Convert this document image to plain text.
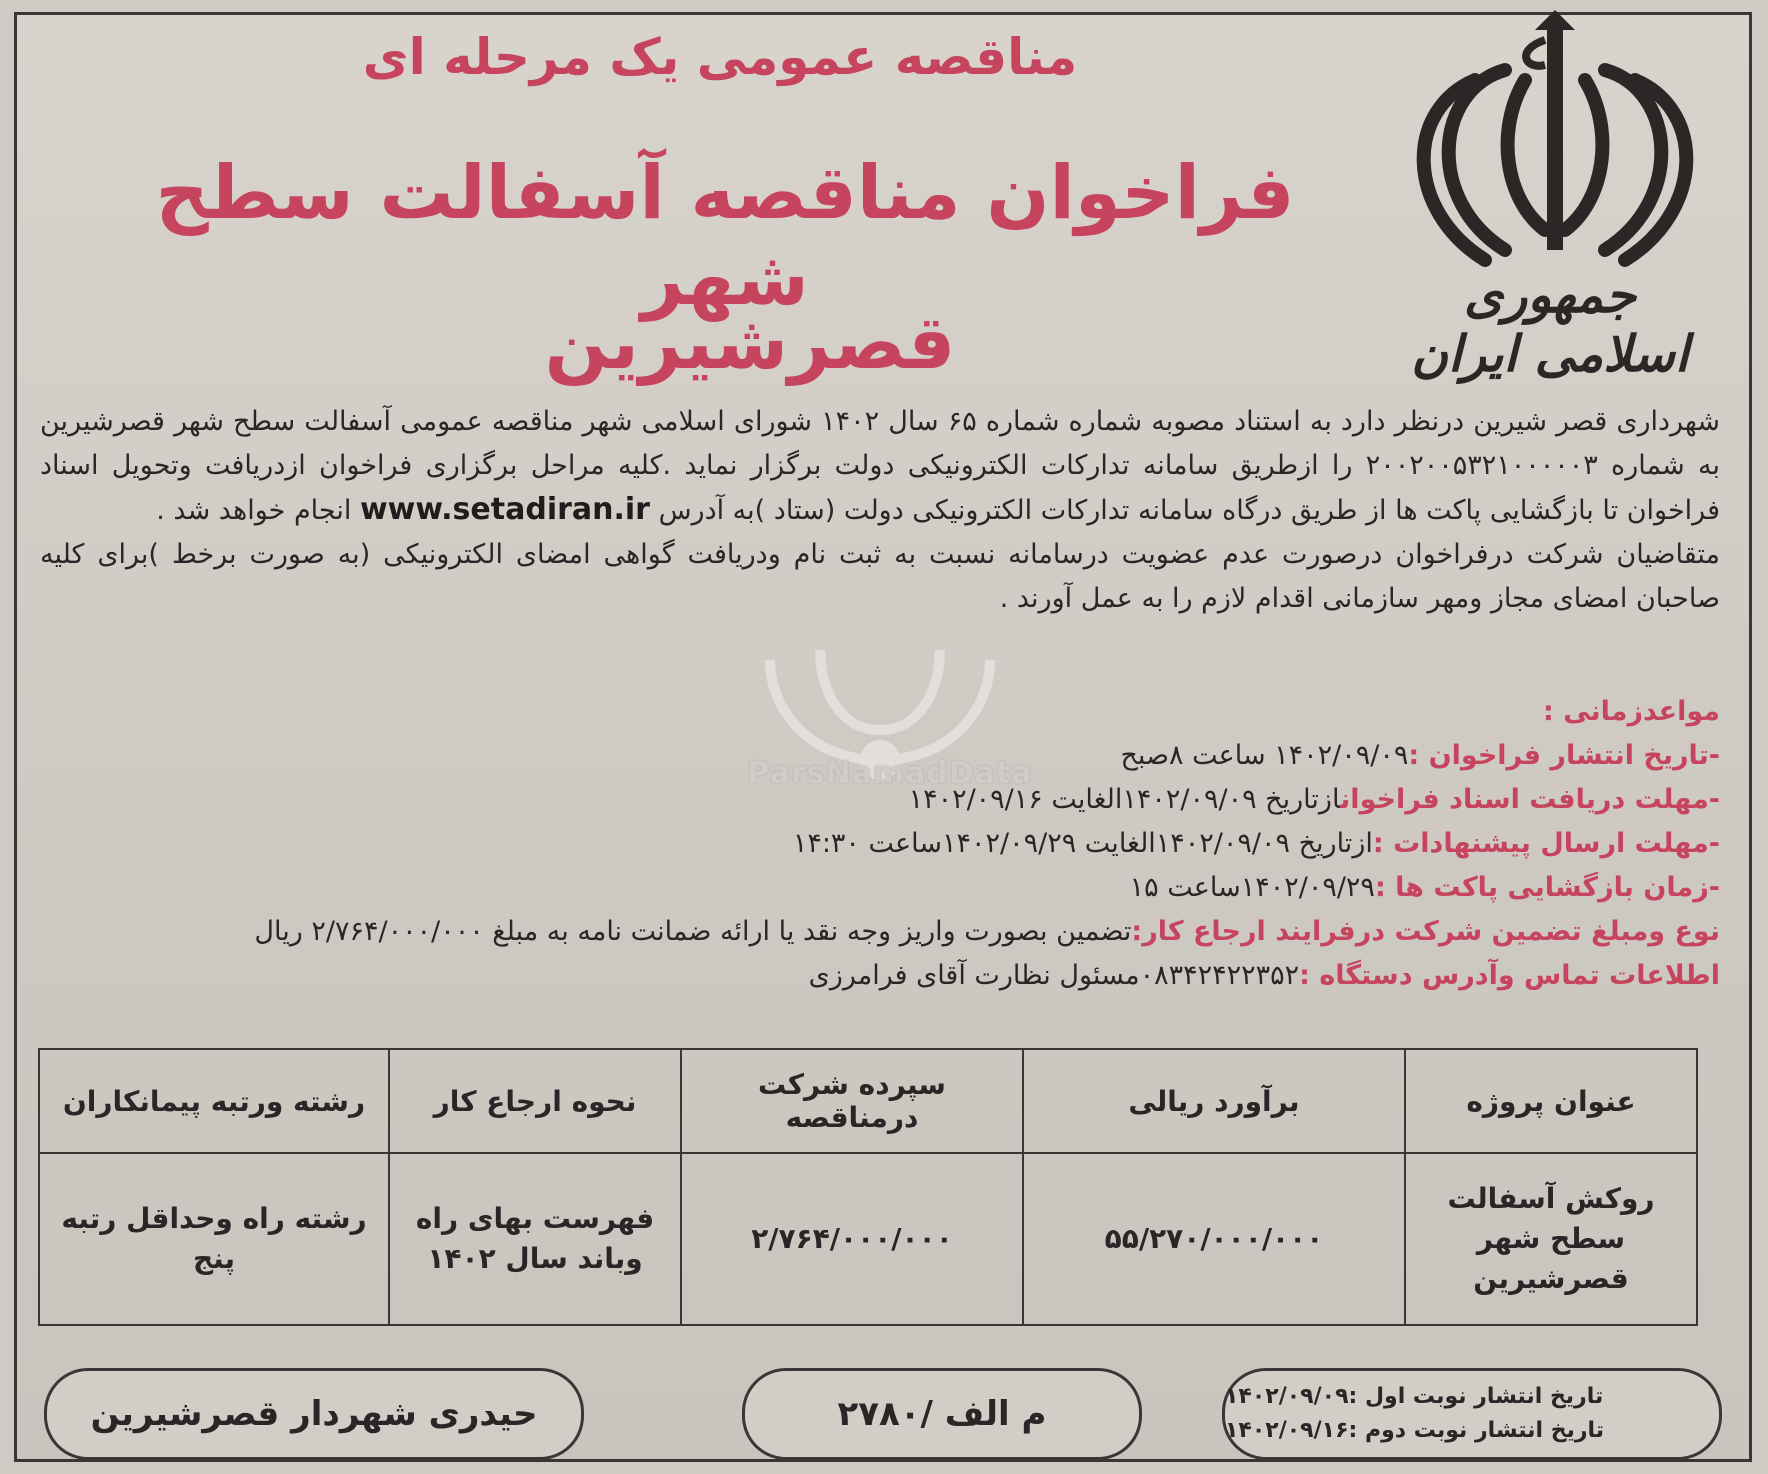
جمهوری اسلامی ایران
مناقصه عمومی یک مرحله ای
فراخوان مناقصه آسفالت سطح شهر
قصرشیرین
ParsNamadData
شهرداری قصر شیرین درنظر دارد به استناد مصوبه شماره شماره ۶۵ سال ۱۴۰۲ شورای اسلامی شهر مناقصه عمومی آسفالت سطح شهر قصرشیرین به شماره ۲۰۰۲۰۰۵۳۲۱۰۰۰۰۰۳ را ازطریق سامانه تدارکات الکترونیکی دولت برگزار نماید .کلیه مراحل برگزاری فراخوان ازدریافت وتحویل اسناد فراخوان تا بازگشایی پاکت ها از طریق درگاه سامانه تدارکات الکترونیکی دولت (ستاد )به آدرس www.setadiran.ir انجام خواهد شد .
متقاضیان شرکت درفراخوان درصورت عدم عضویت درسامانه نسبت به ثبت نام ودریافت گواهی امضای الکترونیکی (به صورت برخط )برای کلیه صاحبان امضای مجاز ومهر سازمانی اقدام لازم را به عمل آورند .
مواعدزمانی :
-تاریخ انتشار فراخوان :۱۴۰۲/۰۹/۰۹ ساعت ۸صبح
-مهلت دریافت اسناد فراخوانازتاریخ ۱۴۰۲/۰۹/۰۹الغایت ۱۴۰۲/۰۹/۱۶
-مهلت ارسال پیشنهادات :ازتاریخ ۱۴۰۲/۰۹/۰۹الغایت ۱۴۰۲/۰۹/۲۹ساعت ۱۴:۳۰
-زمان بازگشایی پاکت ها :۱۴۰۲/۰۹/۲۹ساعت ۱۵
نوع ومبلغ تضمین شرکت درفرایند ارجاع کار:تضمین بصورت واریز وجه نقد یا ارائه ضمانت نامه به مبلغ ۲/۷۶۴/۰۰۰/۰۰۰ ریال
اطلاعات تماس وآدرس دستگاه :۰۸۳۴۲۴۲۲۳۵۲مسئول نظارت آقای فرامرزی
عنوان پروژه	برآورد ریالی	سپرده شرکت درمناقصه	نحوه ارجاع کار	رشته ورتبه پیمانکاران
روکش آسفالت سطح شهر قصرشیرین	۵۵/۲۷۰/۰۰۰/۰۰۰	۲/۷۶۴/۰۰۰/۰۰۰	فهرست بهای راه وباند سال ۱۴۰۲	رشته راه وحداقل رتبه پنج
تاریخ انتشار نوبت اول :۱۴۰۲/۰۹/۰۹
تاریخ انتشار نوبت دوم :۱۴۰۲/۰۹/۱۶
م الف /۲۷۸۰
حیدری شهردار قصرشیرین
